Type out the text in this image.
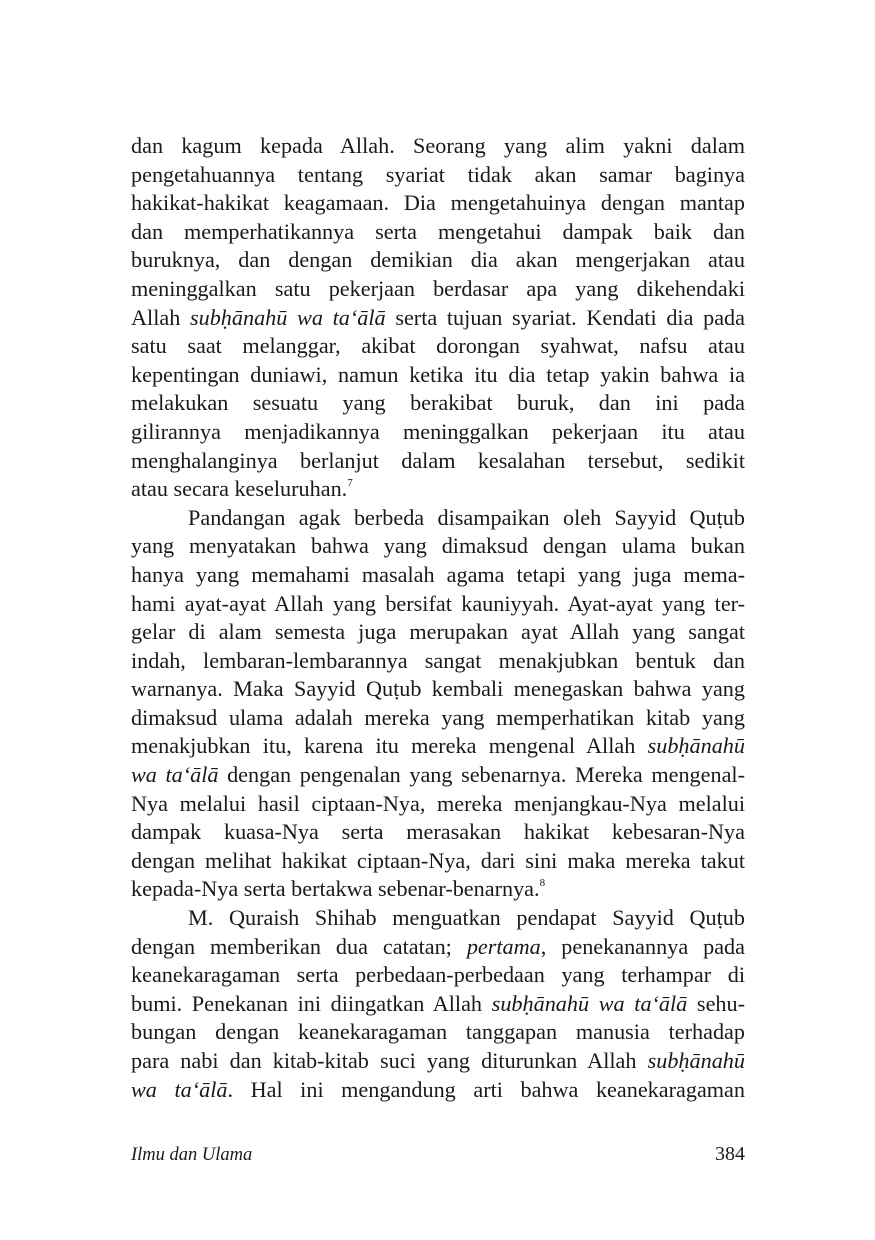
dan kagum kepada Allah. Seorang yang alim yakni dalam
pengetahuannya tentang syariat tidak akan samar baginya
hakikat-hakikat keagamaan. Dia mengetahuinya dengan mantap
dan memperhatikannya serta mengetahui dampak baik dan
buruknya, dan dengan demikian dia akan mengerjakan atau
meninggalkan satu pekerjaan berdasar apa yang dikehendaki
Allah subḥānahū wa ta‘ālā serta tujuan syariat. Kendati dia pada
satu saat melanggar, akibat dorongan syahwat, nafsu atau
kepentingan duniawi, namun ketika itu dia tetap yakin bahwa ia
melakukan sesuatu yang berakibat buruk, dan ini pada
gilirannya menjadikannya meninggalkan pekerjaan itu atau
menghalanginya berlanjut dalam kesalahan tersebut, sedikit
atau secara keseluruhan.$^7$
Pandangan agak berbeda disampaikan oleh Sayyid Quṭub
yang menyatakan bahwa yang dimaksud dengan ulama bukan
hanya yang memahami masalah agama tetapi yang juga mema-
hami ayat-ayat Allah yang bersifat kauniyyah. Ayat-ayat yang ter-
gelar di alam semesta juga merupakan ayat Allah yang sangat
indah, lembaran-lembarannya sangat menakjubkan bentuk dan
warnanya. Maka Sayyid Quṭub kembali menegaskan bahwa yang
dimaksud ulama adalah mereka yang memperhatikan kitab yang
menakjubkan itu, karena itu mereka mengenal Allah subḥānahū
wa ta‘ālā dengan pengenalan yang sebenarnya. Mereka mengenal-
Nya melalui hasil ciptaan-Nya, mereka menjangkau-Nya melalui
dampak kuasa-Nya serta merasakan hakikat kebesaran-Nya
dengan melihat hakikat ciptaan-Nya, dari sini maka mereka takut
kepada-Nya serta bertakwa sebenar-benarnya.$^8$
M. Quraish Shihab menguatkan pendapat Sayyid Quṭub
dengan memberikan dua catatan; pertama, penekanannya pada
keanekaragaman serta perbedaan-perbedaan yang terhampar di
bumi. Penekanan ini diingatkan Allah subḥānahū wa ta‘ālā sehu-
bungan dengan keanekaragaman tanggapan manusia terhadap
para nabi dan kitab-kitab suci yang diturunkan Allah subḥānahū
wa ta‘ālā. Hal ini mengandung arti bahwa keanekaragaman
Ilmu dan Ulama	384
